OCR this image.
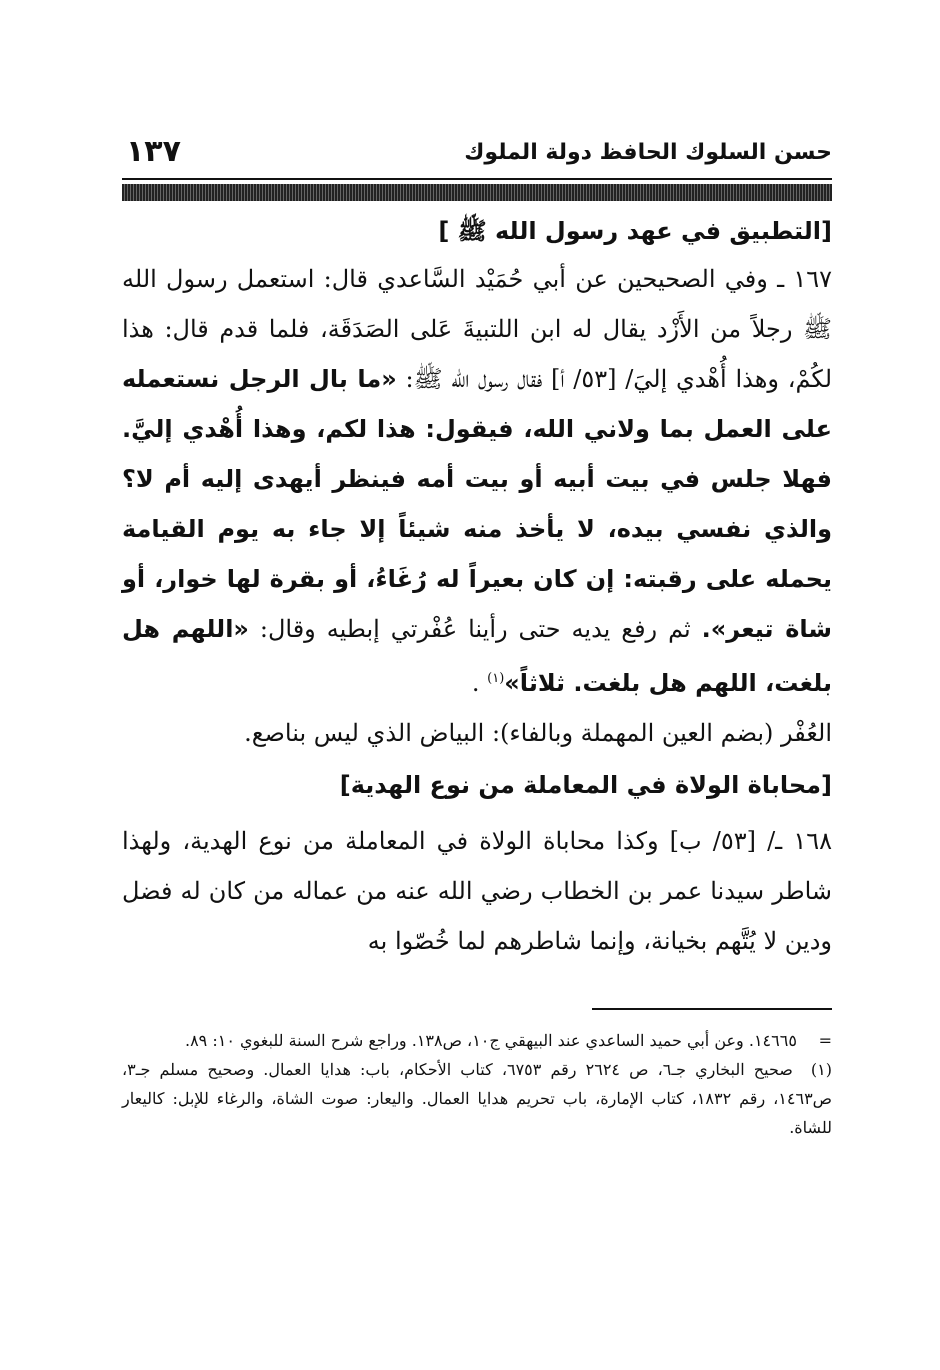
١٣٧	حسن السلوك الحافظ دولة الملوك

[التطبيق في عهد رسول الله ﷺ ]

١٦٧ ـ وفي الصحيحين عن أبي حُمَيْد السَّاعدي قال: استعمل رسول الله ﷺ رجلاً من الأَزْد يقال له ابن اللتبيةَ عَلى الصَدَقَة، فلما قدم قال: هذا لكُمْ، وهذا أُهْدي إليَ/ [٥٣/ أ] فقال رسول الله ﷺ: «ما بال الرجل نستعمله على العمل بما ولاني الله، فيقول: هذا لكم، وهذا أُهْدي إليَّ. فهلا جلس في بيت أبيه أو بيت أمه فينظر أيهدى إليه أم لا؟ والذي نفسي بيده، لا يأخذ منه شيئاً إلا جاء به يوم القيامة يحمله على رقبته: إن كان بعيراً له رُغَاءُ، أو بقرة لها خوار، أو شاة تيعر». ثم رفع يديه حتى رأينا عُفْرتي إبطيه وقال: «اللهم هل بلغت، اللهم هل بلغت. ثلاثاً»$^{(١)}$ .

العُفْر (بضم العين المهملة وبالفاء): البياض الذي ليس بناصع.

[محاباة الولاة في المعاملة من نوع الهدية]

١٦٨ ـ/ [٥٣/ ب] وكذا محاباة الولاة في المعاملة من نوع الهدية، ولهذا شاطر سيدنا عمر بن الخطاب رضي الله عنه من عماله من كان له فضل ودين لا يُتَّهم بخيانة، وإنما شاطرهم لما خُصّوا به

= ١٤٦٦٥. وعن أبي حميد الساعدي عند البيهقي ج١٠، ص١٣٨. وراجع شرح السنة للبغوي ١٠: ٨٩.

(١) صحيح البخاري جـ٦، ص ٢٦٢٤ رقم ٦٧٥٣، كتاب الأحكام، باب: هدايا العمال. وصحيح مسلم جـ٣، ص١٤٦٣، رقم ١٨٣٢، كتاب الإمارة، باب تحريم هدايا العمال. واليعار: صوت الشاة، والرغاء للإبل: كاليعار للشاة.
